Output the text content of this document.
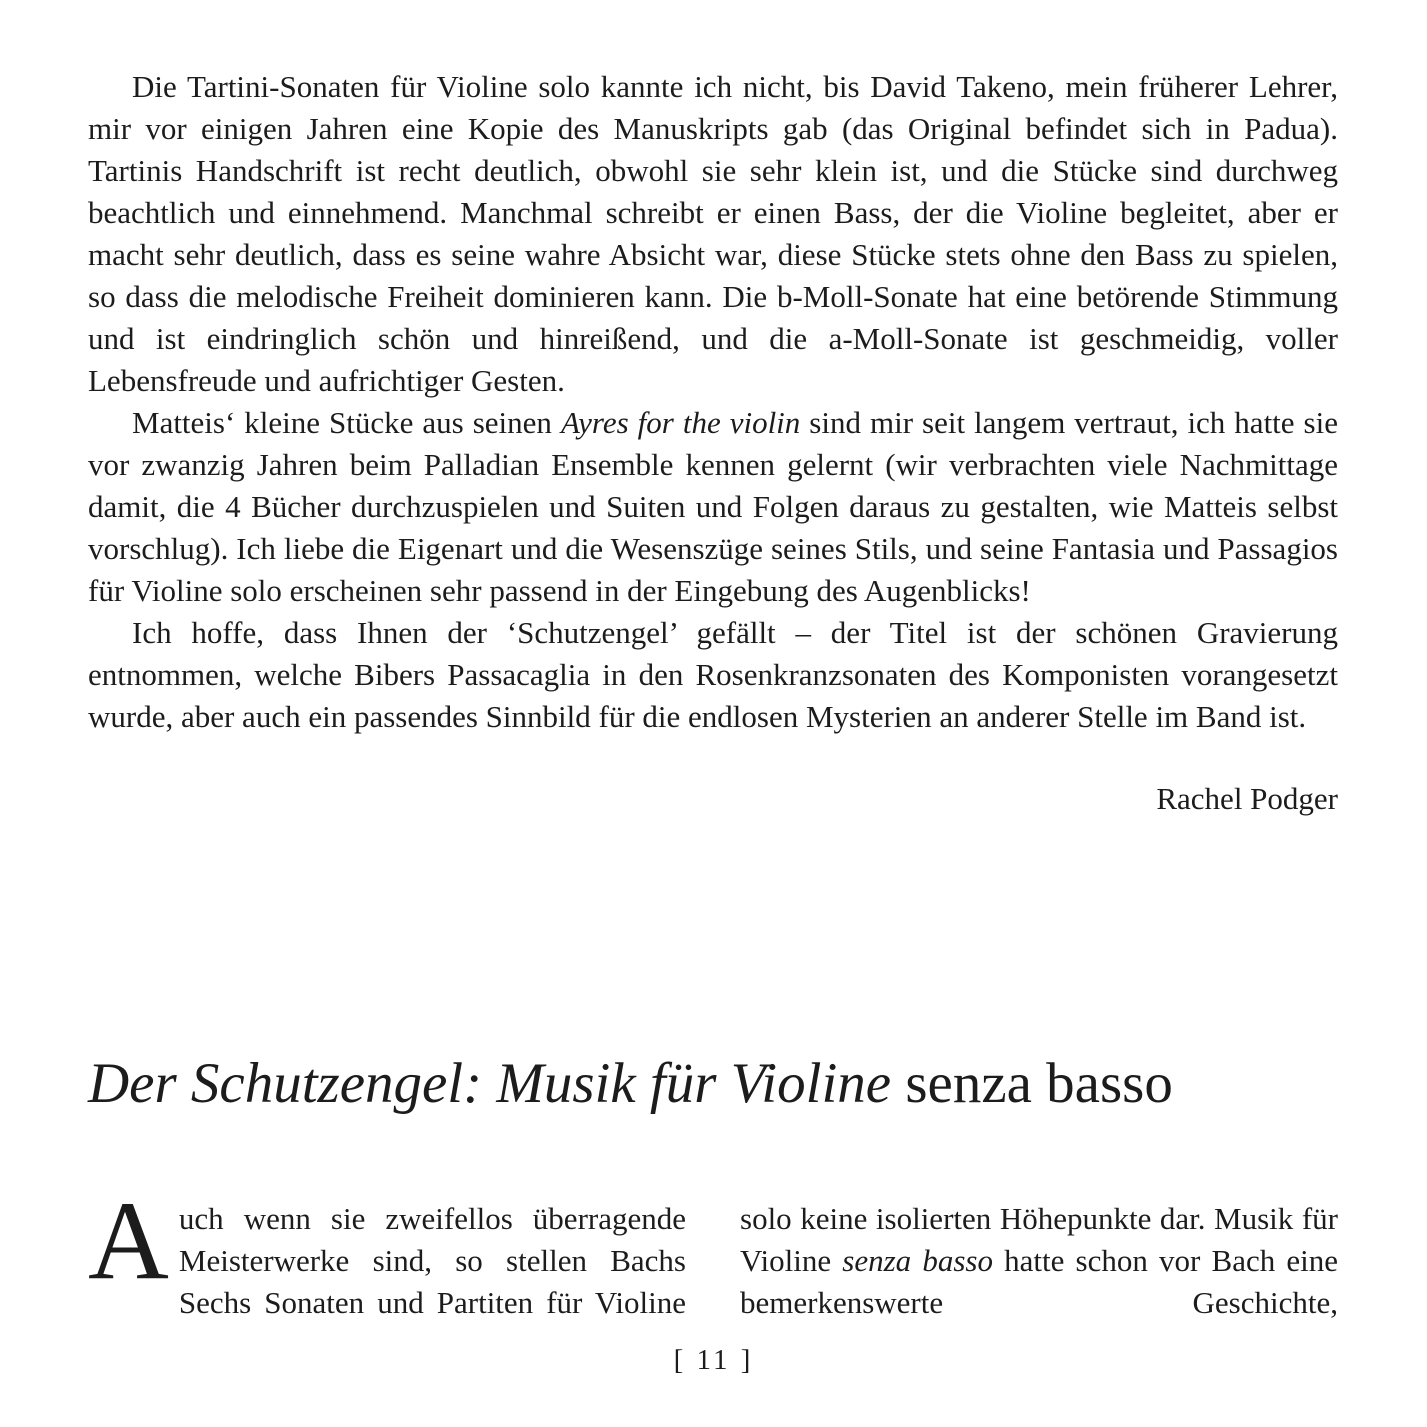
Die Tartini-Sonaten für Violine solo kannte ich nicht, bis David Takeno, mein früherer Lehrer, mir vor einigen Jahren eine Kopie des Manuskripts gab (das Original befindet sich in Padua). Tartinis Handschrift ist recht deutlich, obwohl sie sehr klein ist, und die Stücke sind durchweg beachtlich und einnehmend. Manchmal schreibt er einen Bass, der die Violine begleitet, aber er macht sehr deutlich, dass es seine wahre Absicht war, diese Stücke stets ohne den Bass zu spielen, so dass die melodische Freiheit dominieren kann. Die b-Moll-Sonate hat eine betörende Stimmung und ist eindringlich schön und hinreißend, und die a-Moll-Sonate ist geschmeidig, voller Lebensfreude und aufrichtiger Gesten.

Matteis‘ kleine Stücke aus seinen Ayres for the violin sind mir seit langem vertraut, ich hatte sie vor zwanzig Jahren beim Palladian Ensemble kennen gelernt (wir verbrachten viele Nachmittage damit, die 4 Bücher durchzuspielen und Suiten und Folgen daraus zu gestalten, wie Matteis selbst vorschlug). Ich liebe die Eigenart und die Wesenszüge seines Stils, und seine Fantasia und Passagios für Violine solo erscheinen sehr passend in der Eingebung des Augenblicks!

Ich hoffe, dass Ihnen der ‘Schutzengel’ gefällt – der Titel ist der schönen Gravierung entnommen, welche Bibers Passacaglia in den Rosenkranzsonaten des Komponisten vorangesetzt wurde, aber auch ein passendes Sinnbild für die endlosen Mysterien an anderer Stelle im Band ist.

Rachel Podger
Der Schutzengel: Musik für Violine senza basso
Auch wenn sie zweifellos überragende Meisterwerke sind, so stellen Bachs Sechs Sonaten und Partiten für Violine
solo keine isolierten Höhepunkte dar. Musik für Violine senza basso hatte schon vor Bach eine bemerkenswerte Geschichte,
[ 11 ]
